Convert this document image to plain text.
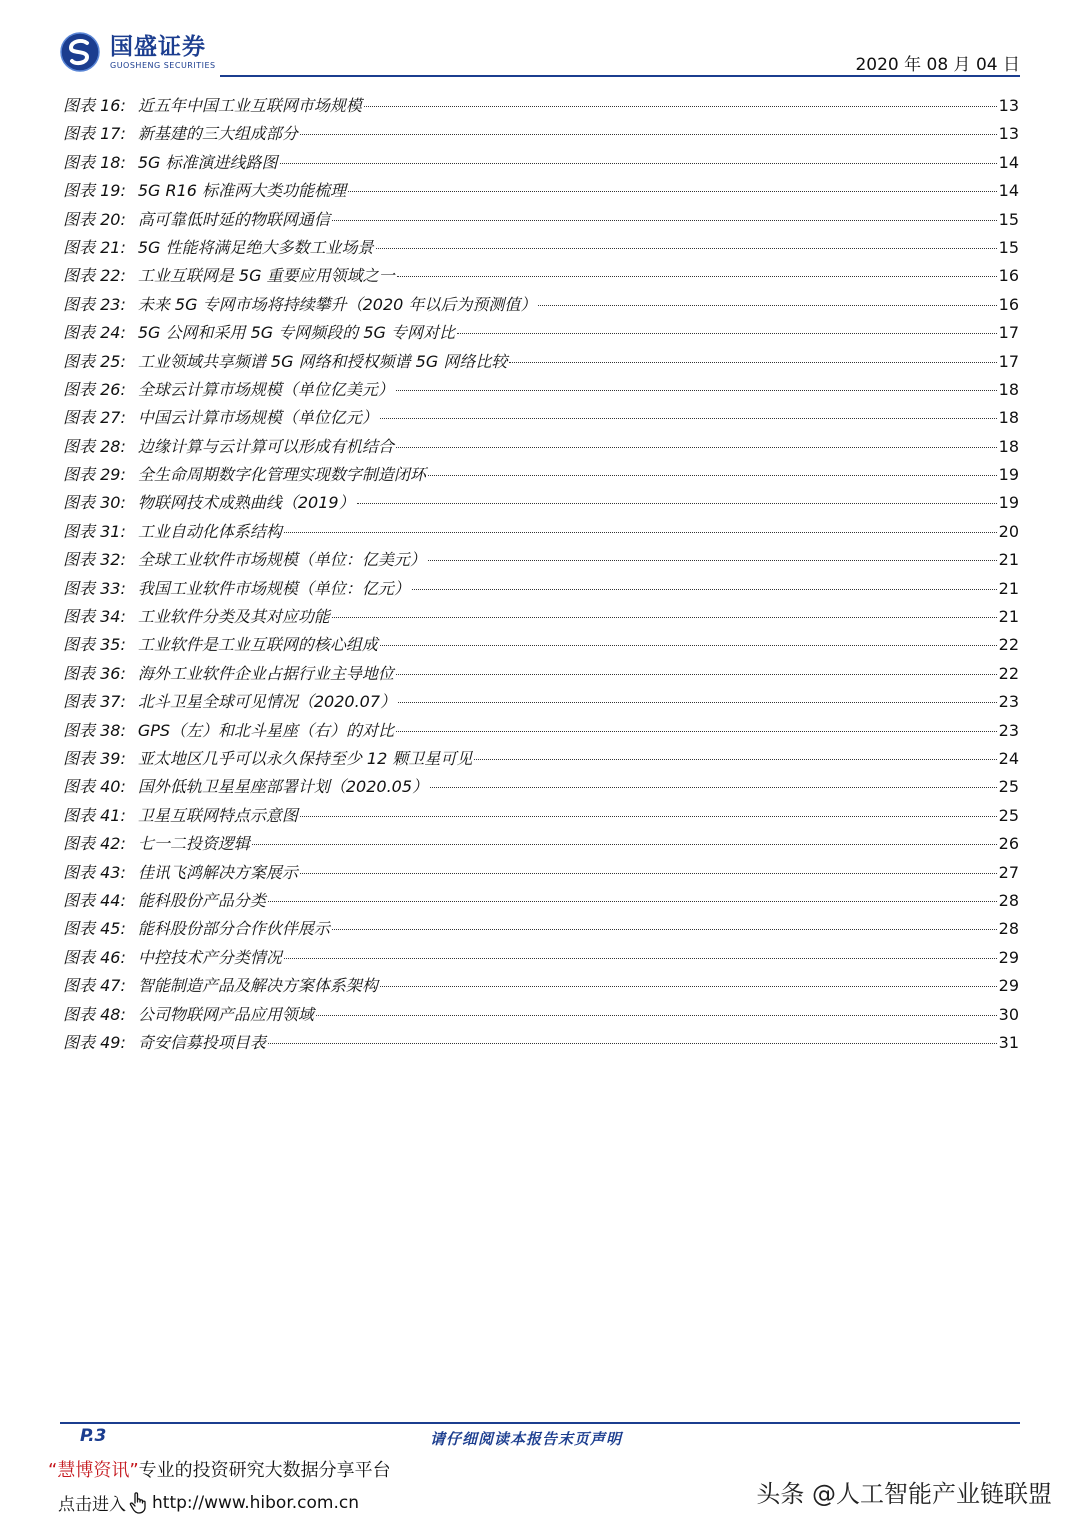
国盛证券
GUOSHENG SECURITIES	2020 年 08 月 04 日
图表 16: 近五年中国工业互联网市场规模	13
图表 17: 新基建的三大组成部分	13
图表 18: 5G 标准演进线路图	14
图表 19: 5G R16 标准两大类功能梳理	14
图表 20: 高可靠低时延的物联网通信	15
图表 21: 5G 性能将满足绝大多数工业场景	15
图表 22: 工业互联网是 5G 重要应用领域之一	16
图表 23: 未来 5G 专网市场将持续攀升（2020 年以后为预测值）	16
图表 24: 5G 公网和采用 5G 专网频段的 5G 专网对比	17
图表 25: 工业领域共享频谱 5G 网络和授权频谱 5G 网络比较	17
图表 26: 全球云计算市场规模（单位亿美元）	18
图表 27: 中国云计算市场规模（单位亿元）	18
图表 28: 边缘计算与云计算可以形成有机结合	18
图表 29: 全生命周期数字化管理实现数字制造闭环	19
图表 30: 物联网技术成熟曲线（2019）	19
图表 31: 工业自动化体系结构	20
图表 32: 全球工业软件市场规模（单位：亿美元）	21
图表 33: 我国工业软件市场规模（单位：亿元）	21
图表 34: 工业软件分类及其对应功能	21
图表 35: 工业软件是工业互联网的核心组成	22
图表 36: 海外工业软件企业占据行业主导地位	22
图表 37: 北斗卫星全球可见情况（2020.07）	23
图表 38: GPS（左）和北斗星座（右）的对比	23
图表 39: 亚太地区几乎可以永久保持至少 12 颗卫星可见	24
图表 40: 国外低轨卫星星座部署计划（2020.05）	25
图表 41: 卫星互联网特点示意图	25
图表 42: 七一二投资逻辑	26
图表 43: 佳讯飞鸿解决方案展示	27
图表 44: 能科股份产品分类	28
图表 45: 能科股份部分合作伙伴展示	28
图表 46: 中控技术产分类情况	29
图表 47: 智能制造产品及解决方案体系架构	29
图表 48: 公司物联网产品应用领域	30
图表 49: 奇安信募投项目表	31
P.3	请仔细阅读本报告末页声明
“慧博资讯”专业的投资研究大数据分享平台
点击进入 http://www.hibor.com.cn	头条 @人工智能产业链联盟
